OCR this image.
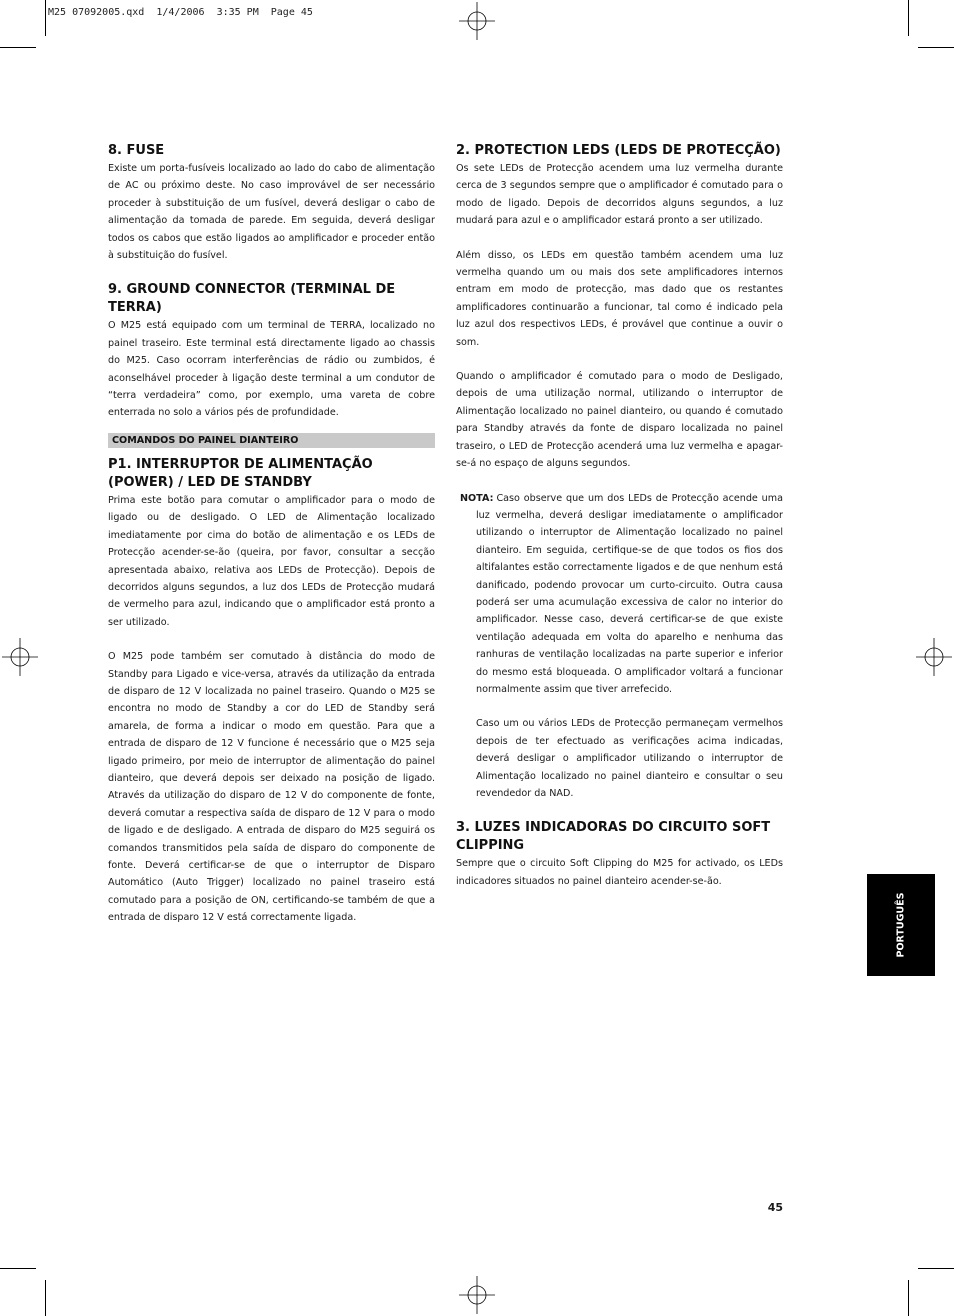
M25 07092005.qxd  1/4/2006  3:35 PM  Page 45
8. FUSE

Existe um porta-fusíveis localizado ao lado do cabo de alimentação de AC ou próximo deste. No caso improvável de ser necessário proceder à substituição de um fusível, deverá desligar o cabo de alimentação da tomada de parede. Em seguida, deverá desligar todos os cabos que estão ligados ao amplificador e proceder então à substituição do fusível.

9. GROUND CONNECTOR (TERMINAL DE TERRA)

O M25 está equipado com um terminal de TERRA, localizado no painel traseiro. Este terminal está directamente ligado ao chassis do M25. Caso ocorram interferências de rádio ou zumbidos, é aconselhável proceder à ligação deste terminal a um condutor de “terra verdadeira” como, por exemplo, uma vareta de cobre enterrada no solo a vários pés de profundidade.

COMANDOS DO PAINEL DIANTEIRO
P1. INTERRUPTOR DE ALIMENTAÇÃO (POWER) / LED DE STANDBY

Prima este botão para comutar o amplificador para o modo de ligado ou de desligado. O LED de Alimentação localizado imediatamente por cima do botão de alimentação e os LEDs de Protecção acender-se-ão (queira, por favor, consultar a secção apresentada abaixo, relativa aos LEDs de Protecção). Depois de decorridos alguns segundos, a luz dos LEDs de Protecção mudará de vermelho para azul, indicando que o amplificador está pronto a ser utilizado.

O M25 pode também ser comutado à distância do modo de Standby para Ligado e vice-versa, através da utilização da entrada de disparo de 12 V localizada no painel traseiro. Quando o M25 se encontra no modo de Standby a cor do LED de Standby será amarela, de forma a indicar o modo em questão. Para que a entrada de disparo de 12 V funcione é necessário que o M25 seja ligado primeiro, por meio de interruptor de alimentação do painel dianteiro, que deverá depois ser deixado na posição de ligado. Através da utilização do disparo de 12 V do componente de fonte, deverá comutar a respectiva saída de disparo de 12 V para o modo de ligado e de desligado. A entrada de disparo do M25 seguirá os comandos transmitidos pela saída de disparo do componente de fonte. Deverá certificar-se de que o interruptor de Disparo Automático (Auto Trigger) localizado no painel traseiro está comutado para a posição de ON, certificando-se também de que a entrada de disparo 12 V está correctamente ligada.

2. PROTECTION LEDS (LEDS DE PROTECÇÃO)

Os sete LEDs de Protecção acendem uma luz vermelha durante cerca de 3 segundos sempre que o amplificador é comutado para o modo de ligado. Depois de decorridos alguns segundos, a luz mudará para azul e o amplificador estará pronto a ser utilizado.

Além disso, os LEDs em questão também acendem uma luz vermelha quando um ou mais dos sete amplificadores internos entram em modo de protecção, mas dado que os restantes amplificadores continuarão a funcionar, tal como é indicado pela luz azul dos respectivos LEDs, é provável que continue a ouvir o som.

Quando o amplificador é comutado para o modo de Desligado, depois de uma utilização normal, utilizando o interruptor de Alimentação localizado no painel dianteiro, ou quando é comutado para Standby através da fonte de disparo localizada no painel traseiro, o LED de Protecção acenderá uma luz vermelha e apagar-se-á no espaço de alguns segundos.

NOTA: Caso observe que um dos LEDs de Protecção acende uma luz vermelha, deverá desligar imediatamente o amplificador utilizando o interruptor de Alimentação localizado no painel dianteiro. Em seguida, certifique-se de que todos os fios dos altifalantes estão correctamente ligados e de que nenhum está danificado, podendo provocar um curto-circuito. Outra causa poderá ser uma acumulação excessiva de calor no interior do amplificador. Nesse caso, deverá certificar-se de que existe ventilação adequada em volta do aparelho e nenhuma das ranhuras de ventilação localizadas na parte superior e inferior do mesmo está bloqueada. O amplificador voltará a funcionar normalmente assim que tiver arrefecido.

Caso um ou vários LEDs de Protecção permaneçam vermelhos depois de ter efectuado as verificações acima indicadas, deverá desligar o amplificador utilizando o interruptor de Alimentação localizado no painel dianteiro e consultar o seu revendedor da NAD.

3. LUZES INDICADORAS DO CIRCUITO SOFT CLIPPING

Sempre que o circuito Soft Clipping do M25 for activado, os LEDs indicadores situados no painel dianteiro acender-se-ão.

PORTUGUÊS
45
